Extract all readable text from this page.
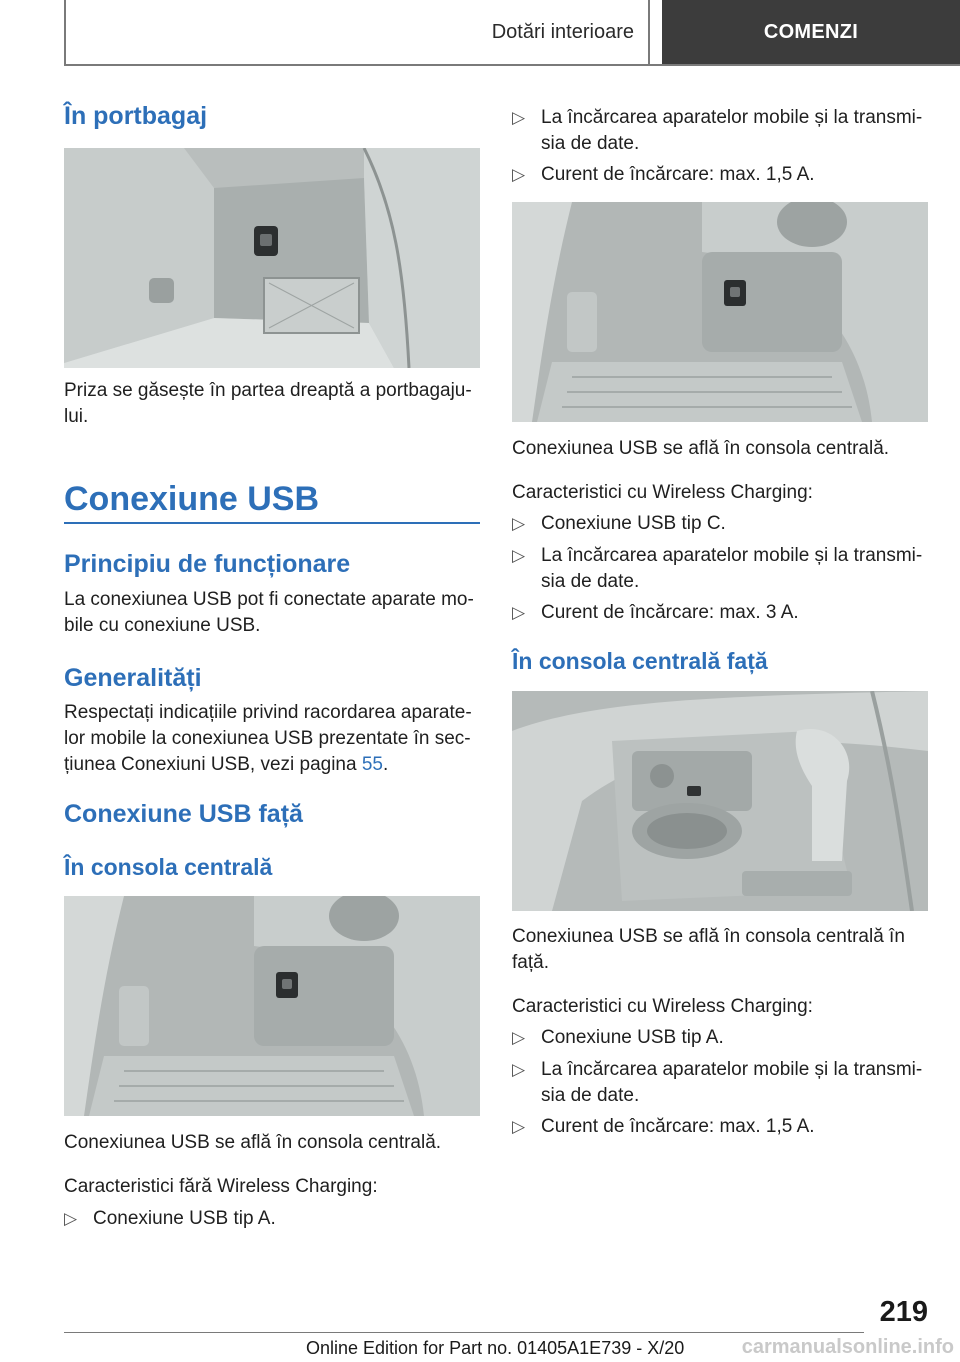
Dotări interioare	COMENZI
În portbagaj
Priza se găsește în partea dreaptă a portbagajului.
Conexiune USB
Principiu de funcționare
La conexiunea USB pot fi conectate aparate mobile cu conexiune USB.
Generalități
Respectați indicațiile privind racordarea aparatelor mobile la conexiunea USB prezentate în secțiunea Conexiuni USB, vezi pagina 55.
Conexiune USB față
În consola centrală
Conexiunea USB se află în consola centrală.
Caracteristici fără Wireless Charging:
▷ Conexiune USB tip A.
▷ La încărcarea aparatelor mobile și la transmisia de date.
▷ Curent de încărcare: max. 1,5 A.
Conexiunea USB se află în consola centrală.
Caracteristici cu Wireless Charging:
▷ Conexiune USB tip C.
▷ La încărcarea aparatelor mobile și la transmisia de date.
▷ Curent de încărcare: max. 3 A.
În consola centrală față
Conexiunea USB se află în consola centrală în față.
Caracteristici cu Wireless Charging:
▷ Conexiune USB tip A.
▷ La încărcarea aparatelor mobile și la transmisia de date.
▷ Curent de încărcare: max. 1,5 A.
219
carmanualsonline.info
Online Edition for Part no. 01405A1E739 - X/20
